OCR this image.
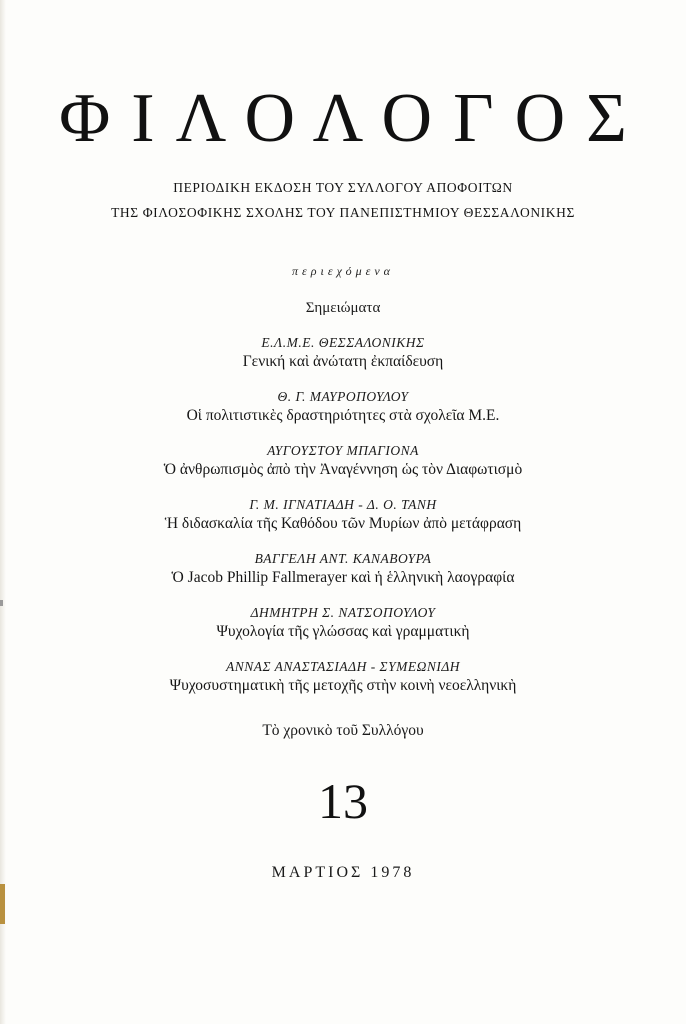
ΦΙΛΟΛΟΓΟΣ
ΠΕΡΙΟΔΙΚΗ ΕΚΔΟΣΗ ΤΟΥ ΣΥΛΛΟΓΟΥ ΑΠΟΦΟΙΤΩΝ
ΤΗΣ ΦΙΛΟΣΟΦΙΚΗΣ ΣΧΟΛΗΣ ΤΟΥ ΠΑΝΕΠΙΣΤΗΜΙΟΥ ΘΕΣΣΑΛΟΝΙΚΗΣ
περιεχόμενα
Σημειώματα
Ε.Λ.Μ.Ε. ΘΕΣΣΑΛΟΝΙΚΗΣ
Γενική καὶ ἀνώτατη ἐκπαίδευση
Θ. Γ. ΜΑΥΡΟΠΟΥΛΟΥ
Οἱ πολιτιστικὲς δραστηριότητες στὰ σχολεῖα Μ.Ε.
ΑΥΓΟΥΣΤΟΥ ΜΠΑΓΙΟΝΑ
Ὁ ἀνθρωπισμὸς ἀπὸ τὴν Ἀναγέννηση ὡς τὸν Διαφωτισμὸ
Γ. Μ. ΙΓΝΑΤΙΑΔΗ - Δ. Ο. ΤΑΝΗ
Ἡ διδασκαλία τῆς Καθόδου τῶν Μυρίων ἀπὸ μετάφραση
ΒΑΓΓΕΛΗ ΑΝΤ. ΚΑΝΑΒΟΥΡΑ
Ὁ Jacob Phillip Fallmerayer καὶ ἡ ἑλληνικὴ λαογραφία
ΔΗΜΗΤΡΗ Σ. ΝΑΤΣΟΠΟΥΛΟΥ
Ψυχολογία τῆς γλώσσας καὶ γραμματικὴ
ΑΝΝΑΣ ΑΝΑΣΤΑΣΙΑΔΗ - ΣΥΜΕΩΝΙΔΗ
Ψυχοσυστηματικὴ τῆς μετοχῆς στὴν κοινὴ νεοελληνικὴ
Τὸ χρονικὸ τοῦ Συλλόγου
13
ΜΑΡΤΙΟΣ 1978
